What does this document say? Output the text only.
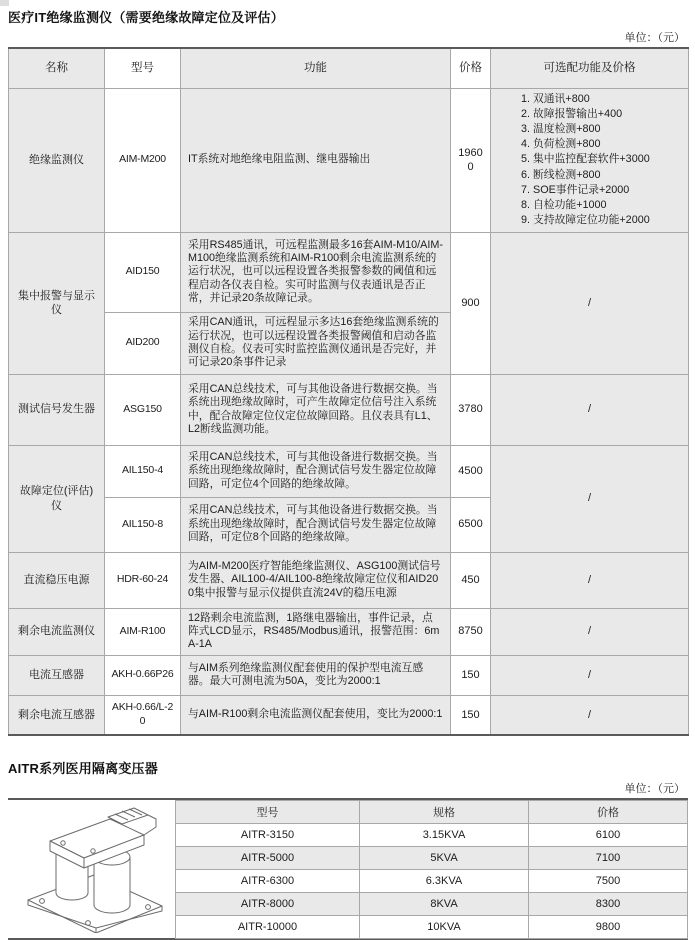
医疗IT绝缘监测仪（需要绝缘故障定位及评估）
单位：（元）
名称	型号	功能	价格	可选配功能及价格
绝缘监测仪	AIM-M200	IT系统对地绝缘电阻监测、继电器输出	19600	
1. 双通讯+800
2. 故障报警输出+400
3. 温度检测+800
4. 负荷检测+800
5. 集中监控配套软件+3000
6. 断线检测+800
7. SOE事件记录+2000
8. 自检功能+1000
9. 支持故障定位功能+2000

集中报警与显示仪	AID150	采用RS485通讯，可远程监测最多16套AIM-M10/AIM-M100绝缘监测系统和AIM-R100剩余电流监测系统的运行状况，也可以远程设置各类报警参数的阈值和远程启动各仪表自检。实可时监测与仪表通讯是否正常，并记录20条故障记录。	900	/
	AID200	采用CAN通讯，可远程显示多达16套绝缘监测系统的运行状况，也可以远程设置各类报警阈值和启动各监测仪自检。仪表可实时监控监测仪通讯是否完好，并可记录20条事件记录		
测试信号发生器	ASG150	采用CAN总线技术，可与其他设备进行数据交换。当系统出现绝缘故障时，可产生故障定位信号注入系统中，配合故障定位仪定位故障回路。且仪表具有L1、L2断线监测功能。	3780	/
故障定位(评估)仪	AIL150-4	采用CAN总线技术，可与其他设备进行数据交换。当系统出现绝缘故障时，配合测试信号发生器定位故障回路，可定位4个回路的绝缘故障。	4500	/
	AIL150-8	采用CAN总线技术，可与其他设备进行数据交换。当系统出现绝缘故障时，配合测试信号发生器定位故障回路，可定位8个回路的绝缘故障。	6500	
直流稳压电源	HDR-60-24	为AIM-M200医疗智能绝缘监测仪、ASG100测试信号发生器、AIL100-4/AIL100-8绝缘故障定位仪和AID200集中报警与显示仪提供直流24V的稳压电源	450	/
剩余电流监测仪	AIM-R100	12路剩余电流监测，1路继电器输出，事件记录，点阵式LCD显示，RS485/Modbus通讯，报警范围：6mA-1A	8750	/
电流互感器	AKH-0.66P26	与AIM系列绝缘监测仪配套使用的保护型电流互感器。最大可测电流为50A，变比为2000:1	150	/
剩余电流互感器	AKH-0.66/L-20	与AIM-R100剩余电流监测仪配套使用，变比为2000:1	150	/
AITR系列医用隔离变压器
单位：（元）
型号	规格	价格
AITR-3150	3.15KVA	6100
AITR-5000	5KVA	7100
AITR-6300	6.3KVA	7500
AITR-8000	8KVA	8300
AITR-10000	10KVA	9800
